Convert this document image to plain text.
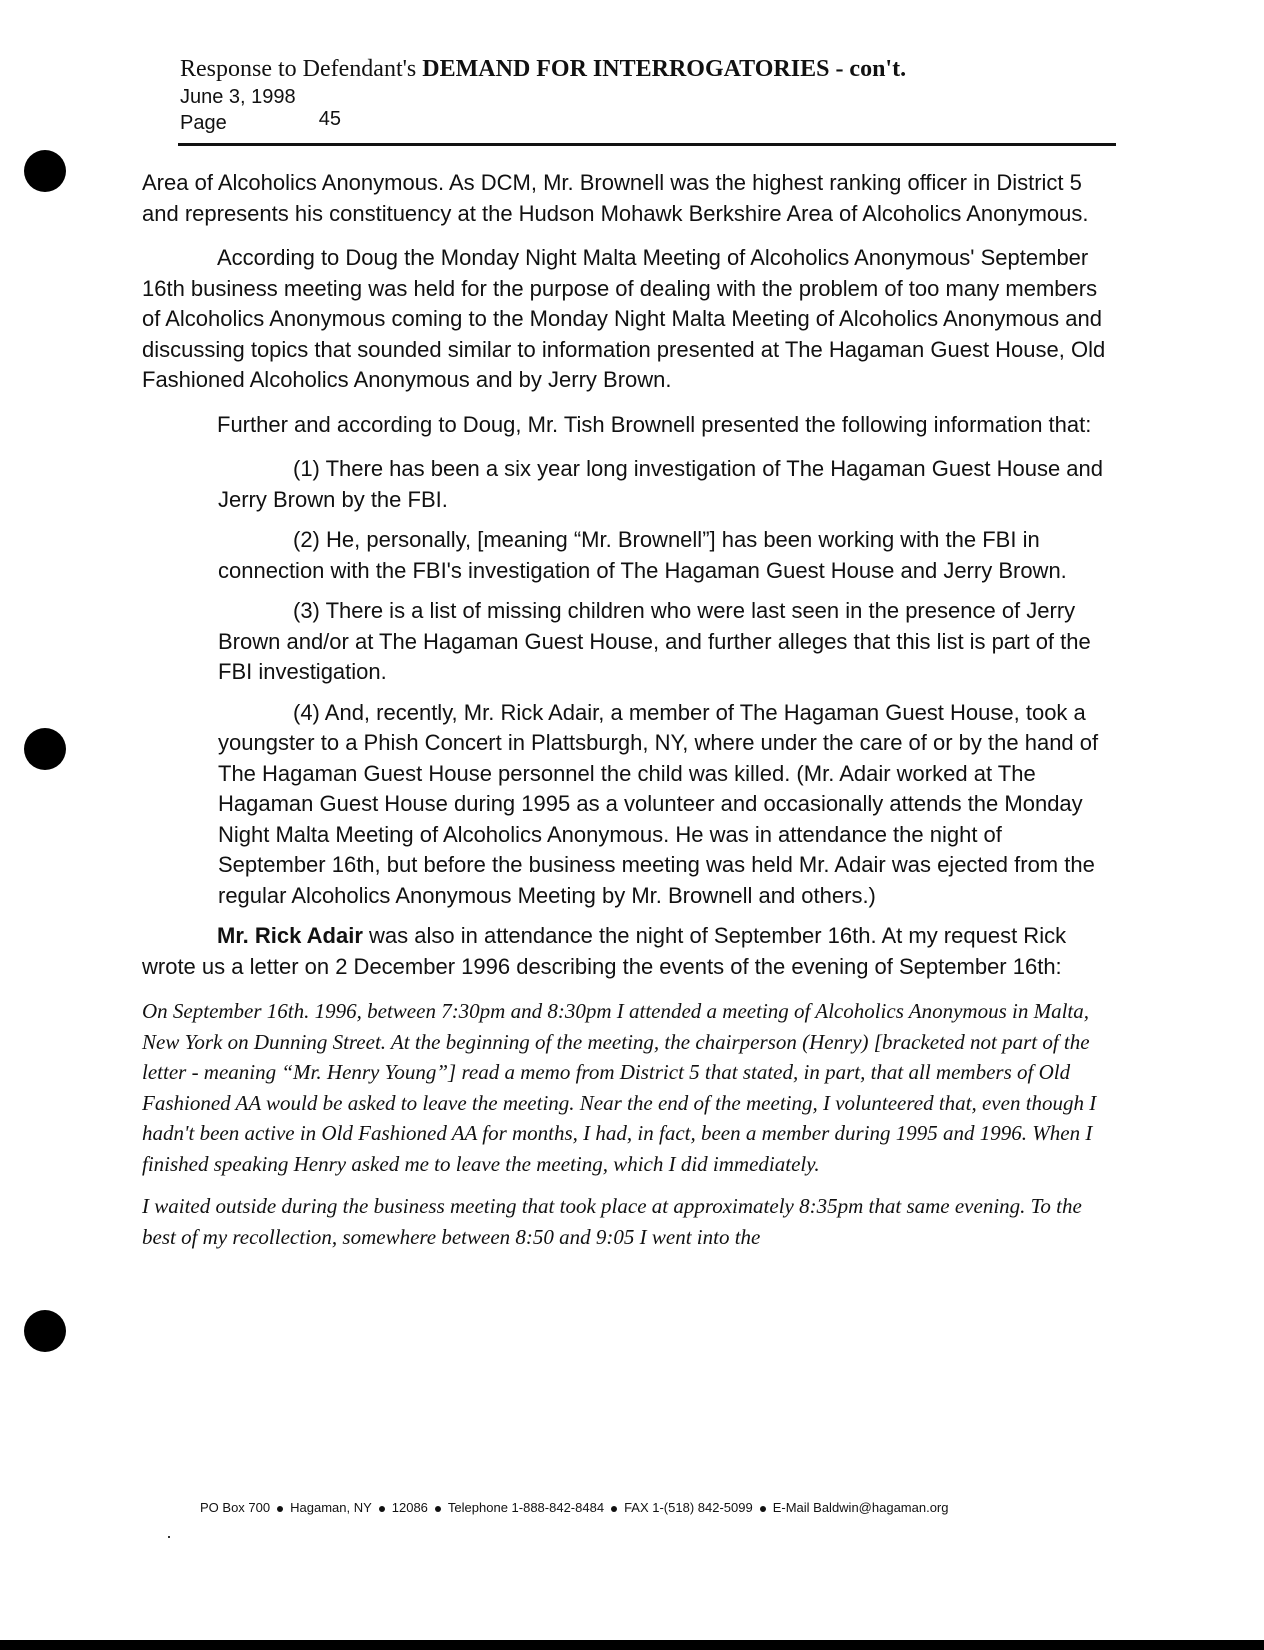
Response to Defendant's DEMAND FOR INTERROGATORIES - con't.

June 3, 1998

Page	45

Area of Alcoholics Anonymous. As DCM, Mr. Brownell was the highest ranking officer in District 5 and represents his constituency at the Hudson Mohawk Berkshire Area of Alcoholics Anonymous.

According to Doug the Monday Night Malta Meeting of Alcoholics Anonymous' September 16th business meeting was held for the purpose of dealing with the problem of too many members of Alcoholics Anonymous coming to the Monday Night Malta Meeting of Alcoholics Anonymous and discussing topics that sounded similar to information presented at The Hagaman Guest House, Old Fashioned Alcoholics Anonymous and by Jerry Brown.

Further and according to Doug, Mr. Tish Brownell presented the following information that:

(1) There has been a six year long investigation of The Hagaman Guest House and Jerry Brown by the FBI.

(2) He, personally, [meaning “Mr. Brownell”] has been working with the FBI in connection with the FBI's investigation of The Hagaman Guest House and Jerry Brown.

(3) There is a list of missing children who were last seen in the presence of Jerry Brown and/or at The Hagaman Guest House, and further alleges that this list is part of the FBI investigation.

(4) And, recently, Mr. Rick Adair, a member of The Hagaman Guest House, took a youngster to a Phish Concert in Plattsburgh, NY, where under the care of or by the hand of The Hagaman Guest House personnel the child was killed. (Mr. Adair worked at The Hagaman Guest House during 1995 as a volunteer and occasionally attends the Monday Night Malta Meeting of Alcoholics Anonymous. He was in attendance the night of September 16th, but before the business meeting was held Mr. Adair was ejected from the regular Alcoholics Anonymous Meeting by Mr. Brownell and others.)

Mr. Rick Adair was also in attendance the night of September 16th. At my request Rick wrote us a letter on 2 December 1996 describing the events of the evening of September 16th:

On September 16th. 1996, between 7:30pm and 8:30pm I attended a meeting of Alcoholics Anonymous in Malta, New York on Dunning Street. At the beginning of the meeting, the chairperson (Henry) [bracketed not part of the letter - meaning “Mr. Henry Young”] read a memo from District 5 that stated, in part, that all members of Old Fashioned AA would be asked to leave the meeting. Near the end of the meeting, I volunteered that, even though I hadn't been active in Old Fashioned AA for months, I had, in fact, been a member during 1995 and 1996. When I finished speaking Henry asked me to leave the meeting, which I did immediately.

I waited outside during the business meeting that took place at approximately 8:35pm that same evening. To the best of my recollection, somewhere between 8:50 and 9:05 I went into the

PO Box 700 Hagaman, NY 12086 Telephone 1-888-842-8484 FAX 1-(518) 842-5099 E-Mail Baldwin@hagaman.org
